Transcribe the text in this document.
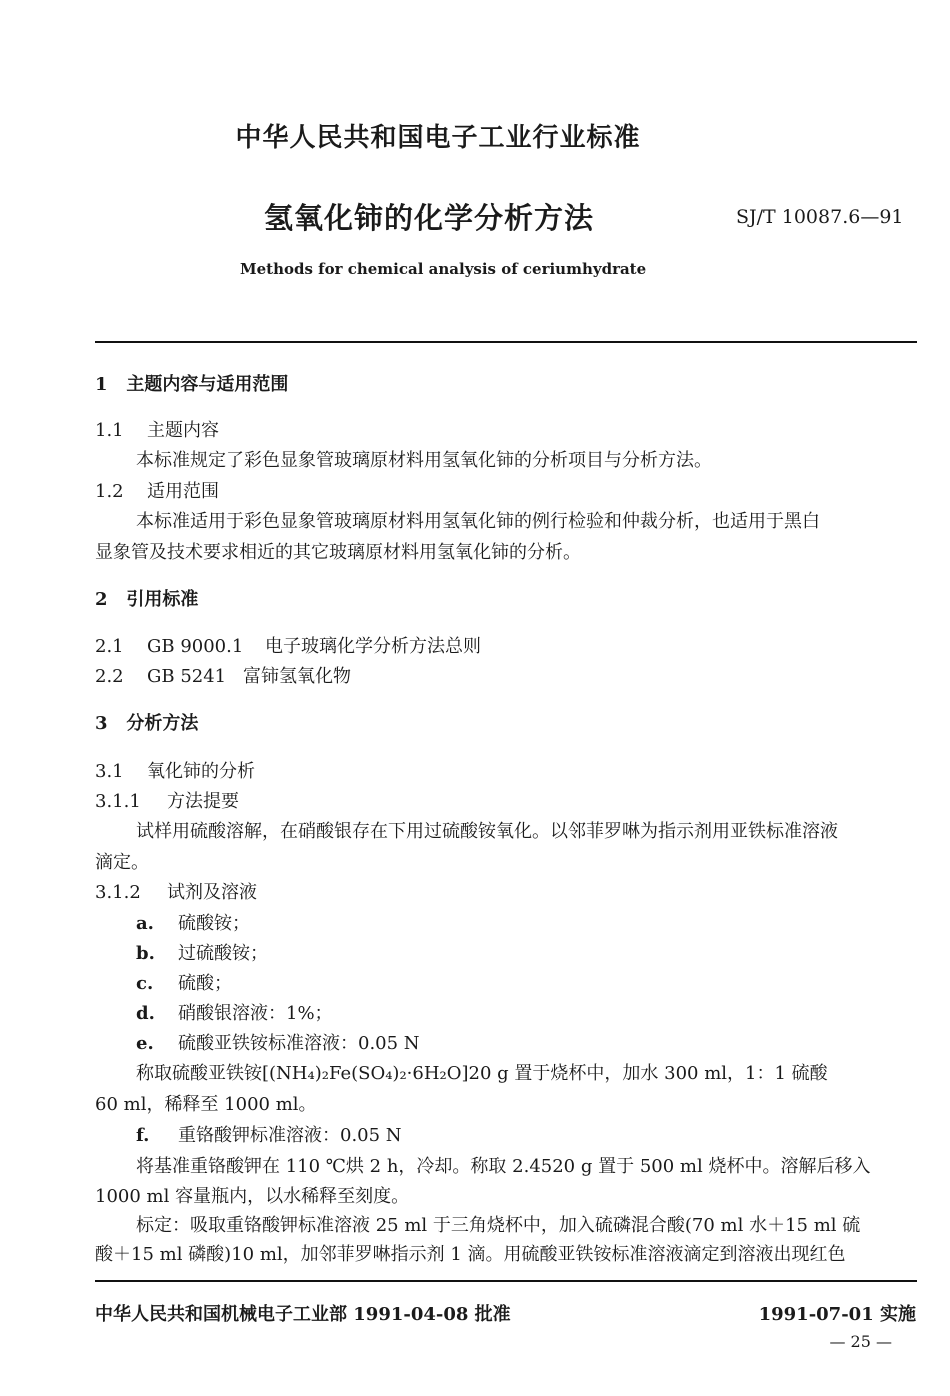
中华人民共和国电子工业行业标准
氢氧化铈的化学分析方法	SJ/T 10087.6—91
Methods for chemical analysis of ceriumhydrate
1 主题内容与适用范围
1.1 主题内容
本标准规定了彩色显象管玻璃原材料用氢氧化铈的分析项目与分析方法。
1.2 适用范围
本标准适用于彩色显象管玻璃原材料用氢氧化铈的例行检验和仲裁分析，也适用于黑白
显象管及技术要求相近的其它玻璃原材料用氢氧化铈的分析。
2 引用标准
2.1 GB 9000.1 电子玻璃化学分析方法总则
2.2 GB 5241 富铈氢氧化物
3 分析方法
3.1 氧化铈的分析
3.1.1 方法提要
试样用硫酸溶解，在硝酸银存在下用过硫酸铵氧化。以邻菲罗啉为指示剂用亚铁标准溶液
滴定。
3.1.2 试剂及溶液
a. 硫酸铵；
b. 过硫酸铵；
c. 硫酸；
d. 硝酸银溶液：1%；
e. 硫酸亚铁铵标准溶液：0.05 N
称取硫酸亚铁铵[(NH₄)₂Fe(SO₄)₂·6H₂O]20 g 置于烧杯中，加水 300 ml，1：1 硫酸
60 ml，稀释至 1000 ml。
f. 重铬酸钾标准溶液：0.05 N
将基准重铬酸钾在 110 ℃烘 2 h，冷却。称取 2.4520 g 置于 500 ml 烧杯中。溶解后移入
1000 ml 容量瓶内，以水稀释至刻度。
标定：吸取重铬酸钾标准溶液 25 ml 于三角烧杯中，加入硫磷混合酸(70 ml 水＋15 ml 硫
酸＋15 ml 磷酸)10 ml，加邻菲罗啉指示剂 1 滴。用硫酸亚铁铵标准溶液滴定到溶液出现红色
中华人民共和国机械电子工业部 1991-04-08 批准	1991-07-01 实施
— 25 —
